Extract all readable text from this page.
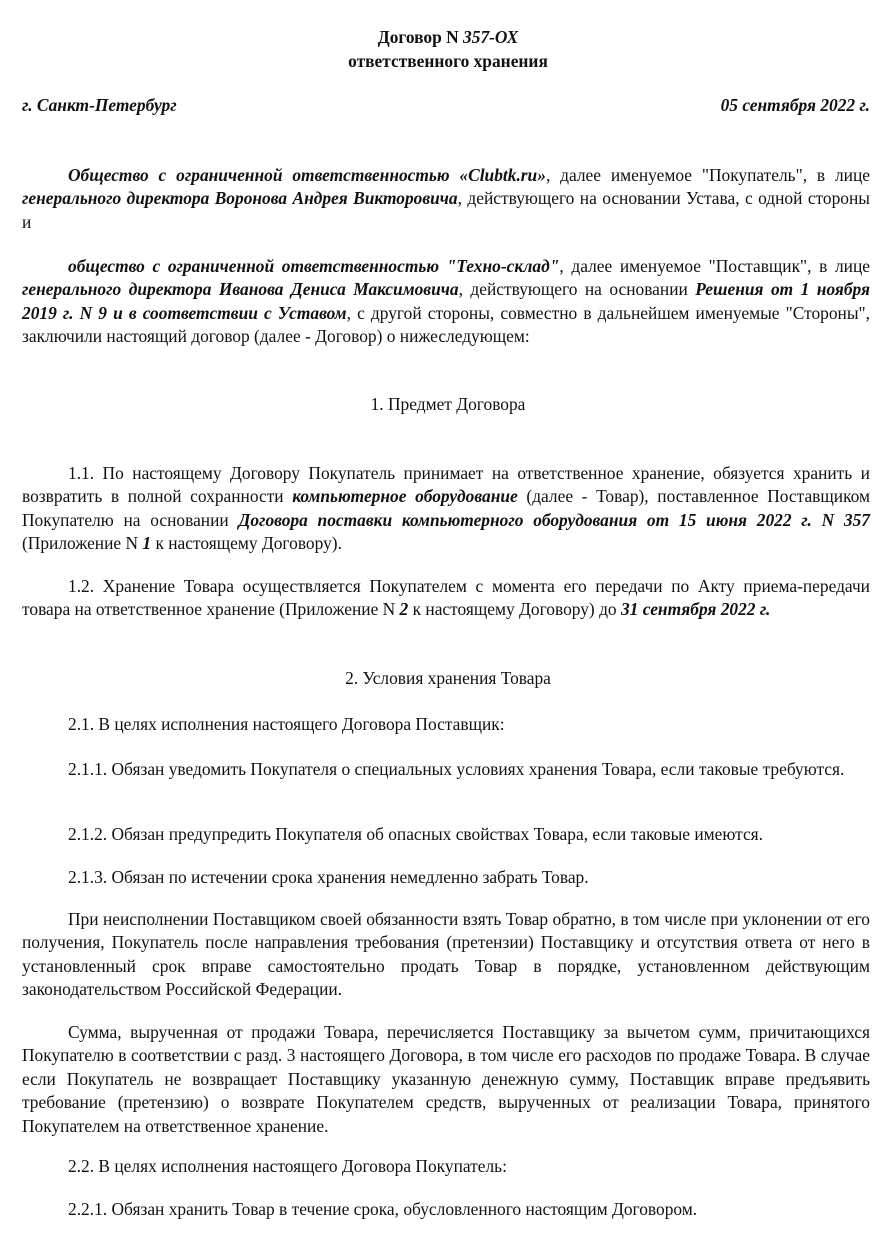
Договор N 357-ОХ
ответственного хранения
г. Санкт-Петербург	05 сентября 2022 г.

Общество с ограниченной ответственностью «Clubtk.ru», далее именуемое "Покупатель", в лице генерального директора Воронова Андрея Викторовича, действующего на основании Устава, с одной стороны и

общество с ограниченной ответственностью "Техно-склад", далее именуемое "Поставщик", в лице генерального директора Иванова Дениса Максимовича, действующего на основании Решения от 1 ноября 2019 г. N 9 и в соответствии с Уставом, с другой стороны, совместно в дальнейшем именуемые "Стороны", заключили настоящий договор (далее - Договор) о нижеследующем:

1. Предмет Договора

1.1. По настоящему Договору Покупатель принимает на ответственное хранение, обязуется хранить и возвратить в полной сохранности компьютерное оборудование (далее - Товар), поставленное Поставщиком Покупателю на основании Договора поставки компьютерного оборудования от 15 июня 2022 г. N 357 (Приложение N 1 к настоящему Договору).

1.2. Хранение Товара осуществляется Покупателем с момента его передачи по Акту приема-передачи товара на ответственное хранение (Приложение N 2 к настоящему Договору) до 31 сентября 2022 г.

2. Условия хранения Товара

2.1. В целях исполнения настоящего Договора Поставщик:

2.1.1. Обязан уведомить Покупателя о специальных условиях хранения Товара, если таковые требуются.

2.1.2. Обязан предупредить Покупателя об опасных свойствах Товара, если таковые имеются.

2.1.3. Обязан по истечении срока хранения немедленно забрать Товар.

При неисполнении Поставщиком своей обязанности взять Товар обратно, в том числе при уклонении от его получения, Покупатель после направления требования (претензии) Поставщику и отсутствия ответа от него в установленный срок вправе самостоятельно продать Товар в порядке, установленном действующим законодательством Российской Федерации.

Сумма, вырученная от продажи Товара, перечисляется Поставщику за вычетом сумм, причитающихся Покупателю в соответствии с разд. 3 настоящего Договора, в том числе его расходов по продаже Товара. В случае если Покупатель не возвращает Поставщику указанную денежную сумму, Поставщик вправе предъявить требование (претензию) о возврате Покупателем средств, вырученных от реализации Товара, принятого Покупателем на ответственное хранение.

2.2. В целях исполнения настоящего Договора Покупатель:

2.2.1. Обязан хранить Товар в течение срока, обусловленного настоящим Договором.
